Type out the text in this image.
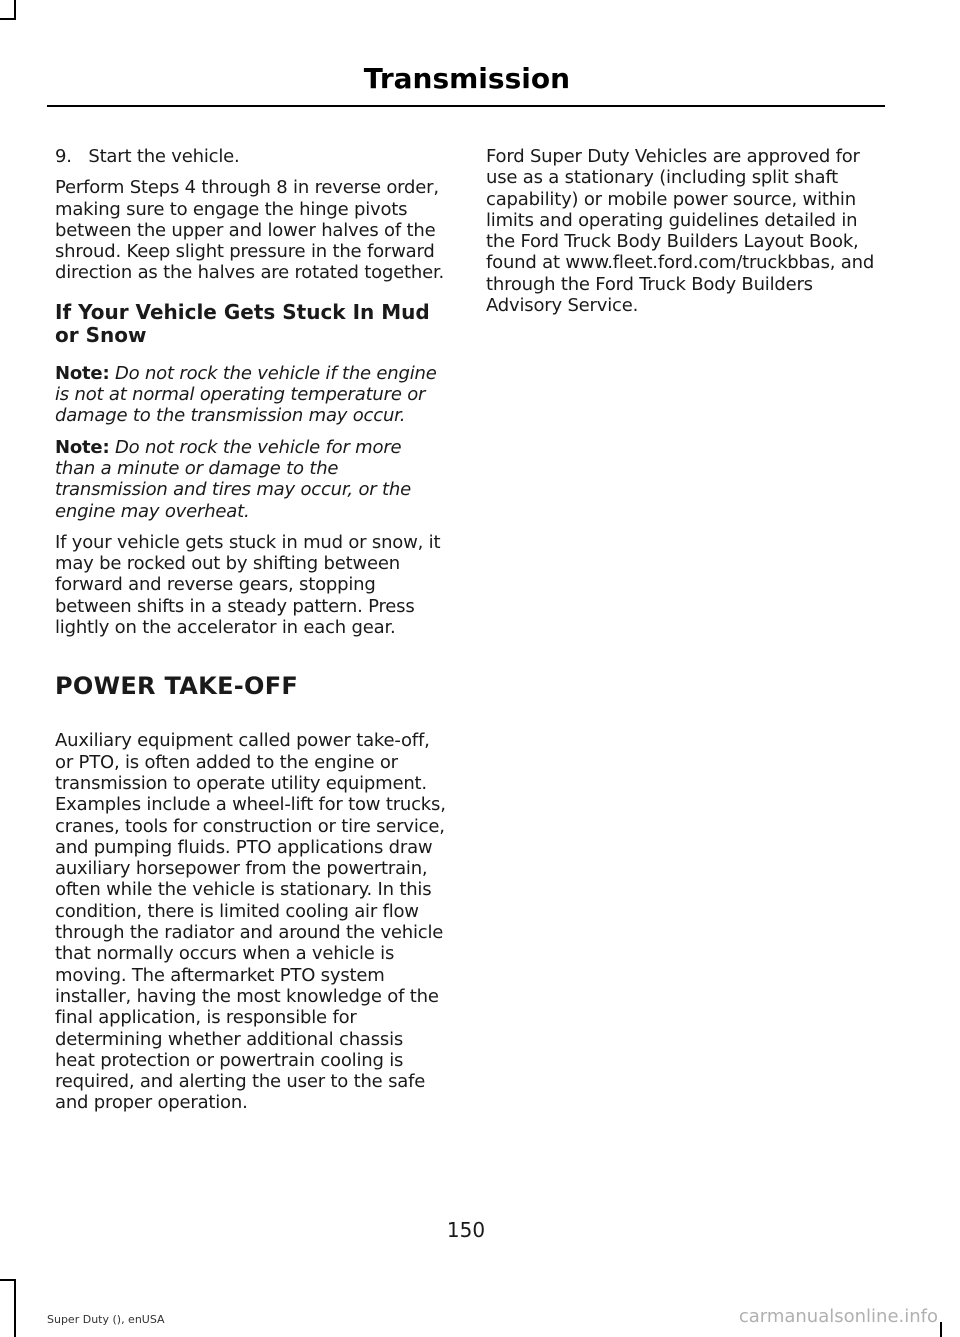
Transmission

9.   Start the vehicle.

Perform Steps 4 through 8 in reverse order, making sure to engage the hinge pivots between the upper and lower halves of the shroud. Keep slight pressure in the forward direction as the halves are rotated together.

If Your Vehicle Gets Stuck In Mud or Snow

Note: Do not rock the vehicle if the engine is not at normal operating temperature or damage to the transmission may occur.

Note: Do not rock the vehicle for more than a minute or damage to the transmission and tires may occur, or the engine may overheat.

If your vehicle gets stuck in mud or snow, it may be rocked out by shifting between forward and reverse gears, stopping between shifts in a steady pattern. Press lightly on the accelerator in each gear.

POWER TAKE-OFF

Auxiliary equipment called power take-off, or PTO, is often added to the engine or transmission to operate utility equipment. Examples include a wheel-lift for tow trucks, cranes, tools for construction or tire service, and pumping fluids. PTO applications draw auxiliary horsepower from the powertrain, often while the vehicle is stationary. In this condition, there is limited cooling air flow through the radiator and around the vehicle that normally occurs when a vehicle is moving. The aftermarket PTO system installer, having the most knowledge of the final application, is responsible for determining whether additional chassis heat protection or powertrain cooling is required, and alerting the user to the safe and proper operation.

Ford Super Duty Vehicles are approved for use as a stationary (including split shaft capability) or mobile power source, within limits and operating guidelines detailed in the Ford Truck Body Builders Layout Book, found at www.fleet.ford.com/truckbbas, and through the Ford Truck Body Builders Advisory Service.

150
Super Duty (), enUSA	carmanualsonline.info
